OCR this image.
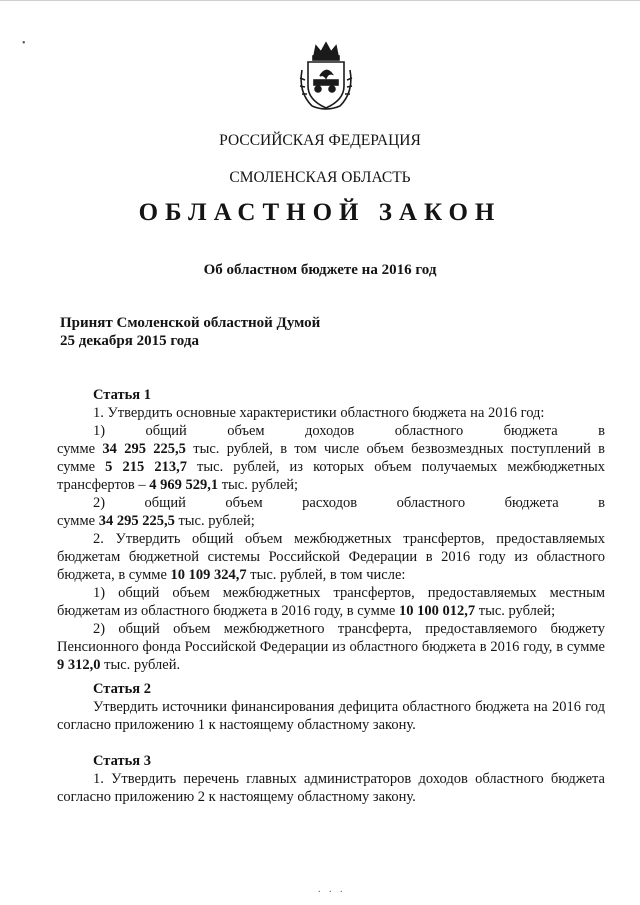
•
РОССИЙСКАЯ ФЕДЕРАЦИЯ
СМОЛЕНСКАЯ ОБЛАСТЬ
ОБЛАСТНОЙ ЗАКОН
Об областном бюджете на 2016 год
Принят Смоленской областной Думой
25 декабря 2015 года

Статья 1

1. Утвердить основные характеристики областного бюджета на 2016 год:

1) общий объем доходов областного бюджета в

сумме 34 295 225,5 тыс. рублей, в том числе объем безвозмездных поступлений в

сумме 5 215 213,7 тыс. рублей, из которых объем получаемых межбюджетных

трансфертов – 4 969 529,1 тыс. рублей;

2) общий объем расходов областного бюджета в

сумме 34 295 225,5 тыс. рублей;

2. Утвердить общий объем межбюджетных трансфертов, предоставляемых бюджетам бюджетной системы Российской Федерации в 2016 году из областного бюджета, в сумме 10 109 324,7 тыс. рублей, в том числе:

1) общий объем межбюджетных трансфертов, предоставляемых местным бюджетам из областного бюджета в 2016 году, в сумме 10 100 012,7 тыс. рублей;

2) общий объем межбюджетного трансферта, предоставляемого бюджету Пенсионного фонда Российской Федерации из областного бюджета в 2016 году, в сумме 9 312,0 тыс. рублей.

Статья 2

Утвердить источники финансирования дефицита областного бюджета на 2016 год согласно приложению 1 к настоящему областному закону.

Статья 3

1. Утвердить перечень главных администраторов доходов областного бюджета согласно приложению 2 к настоящему областному закону.

. . .
